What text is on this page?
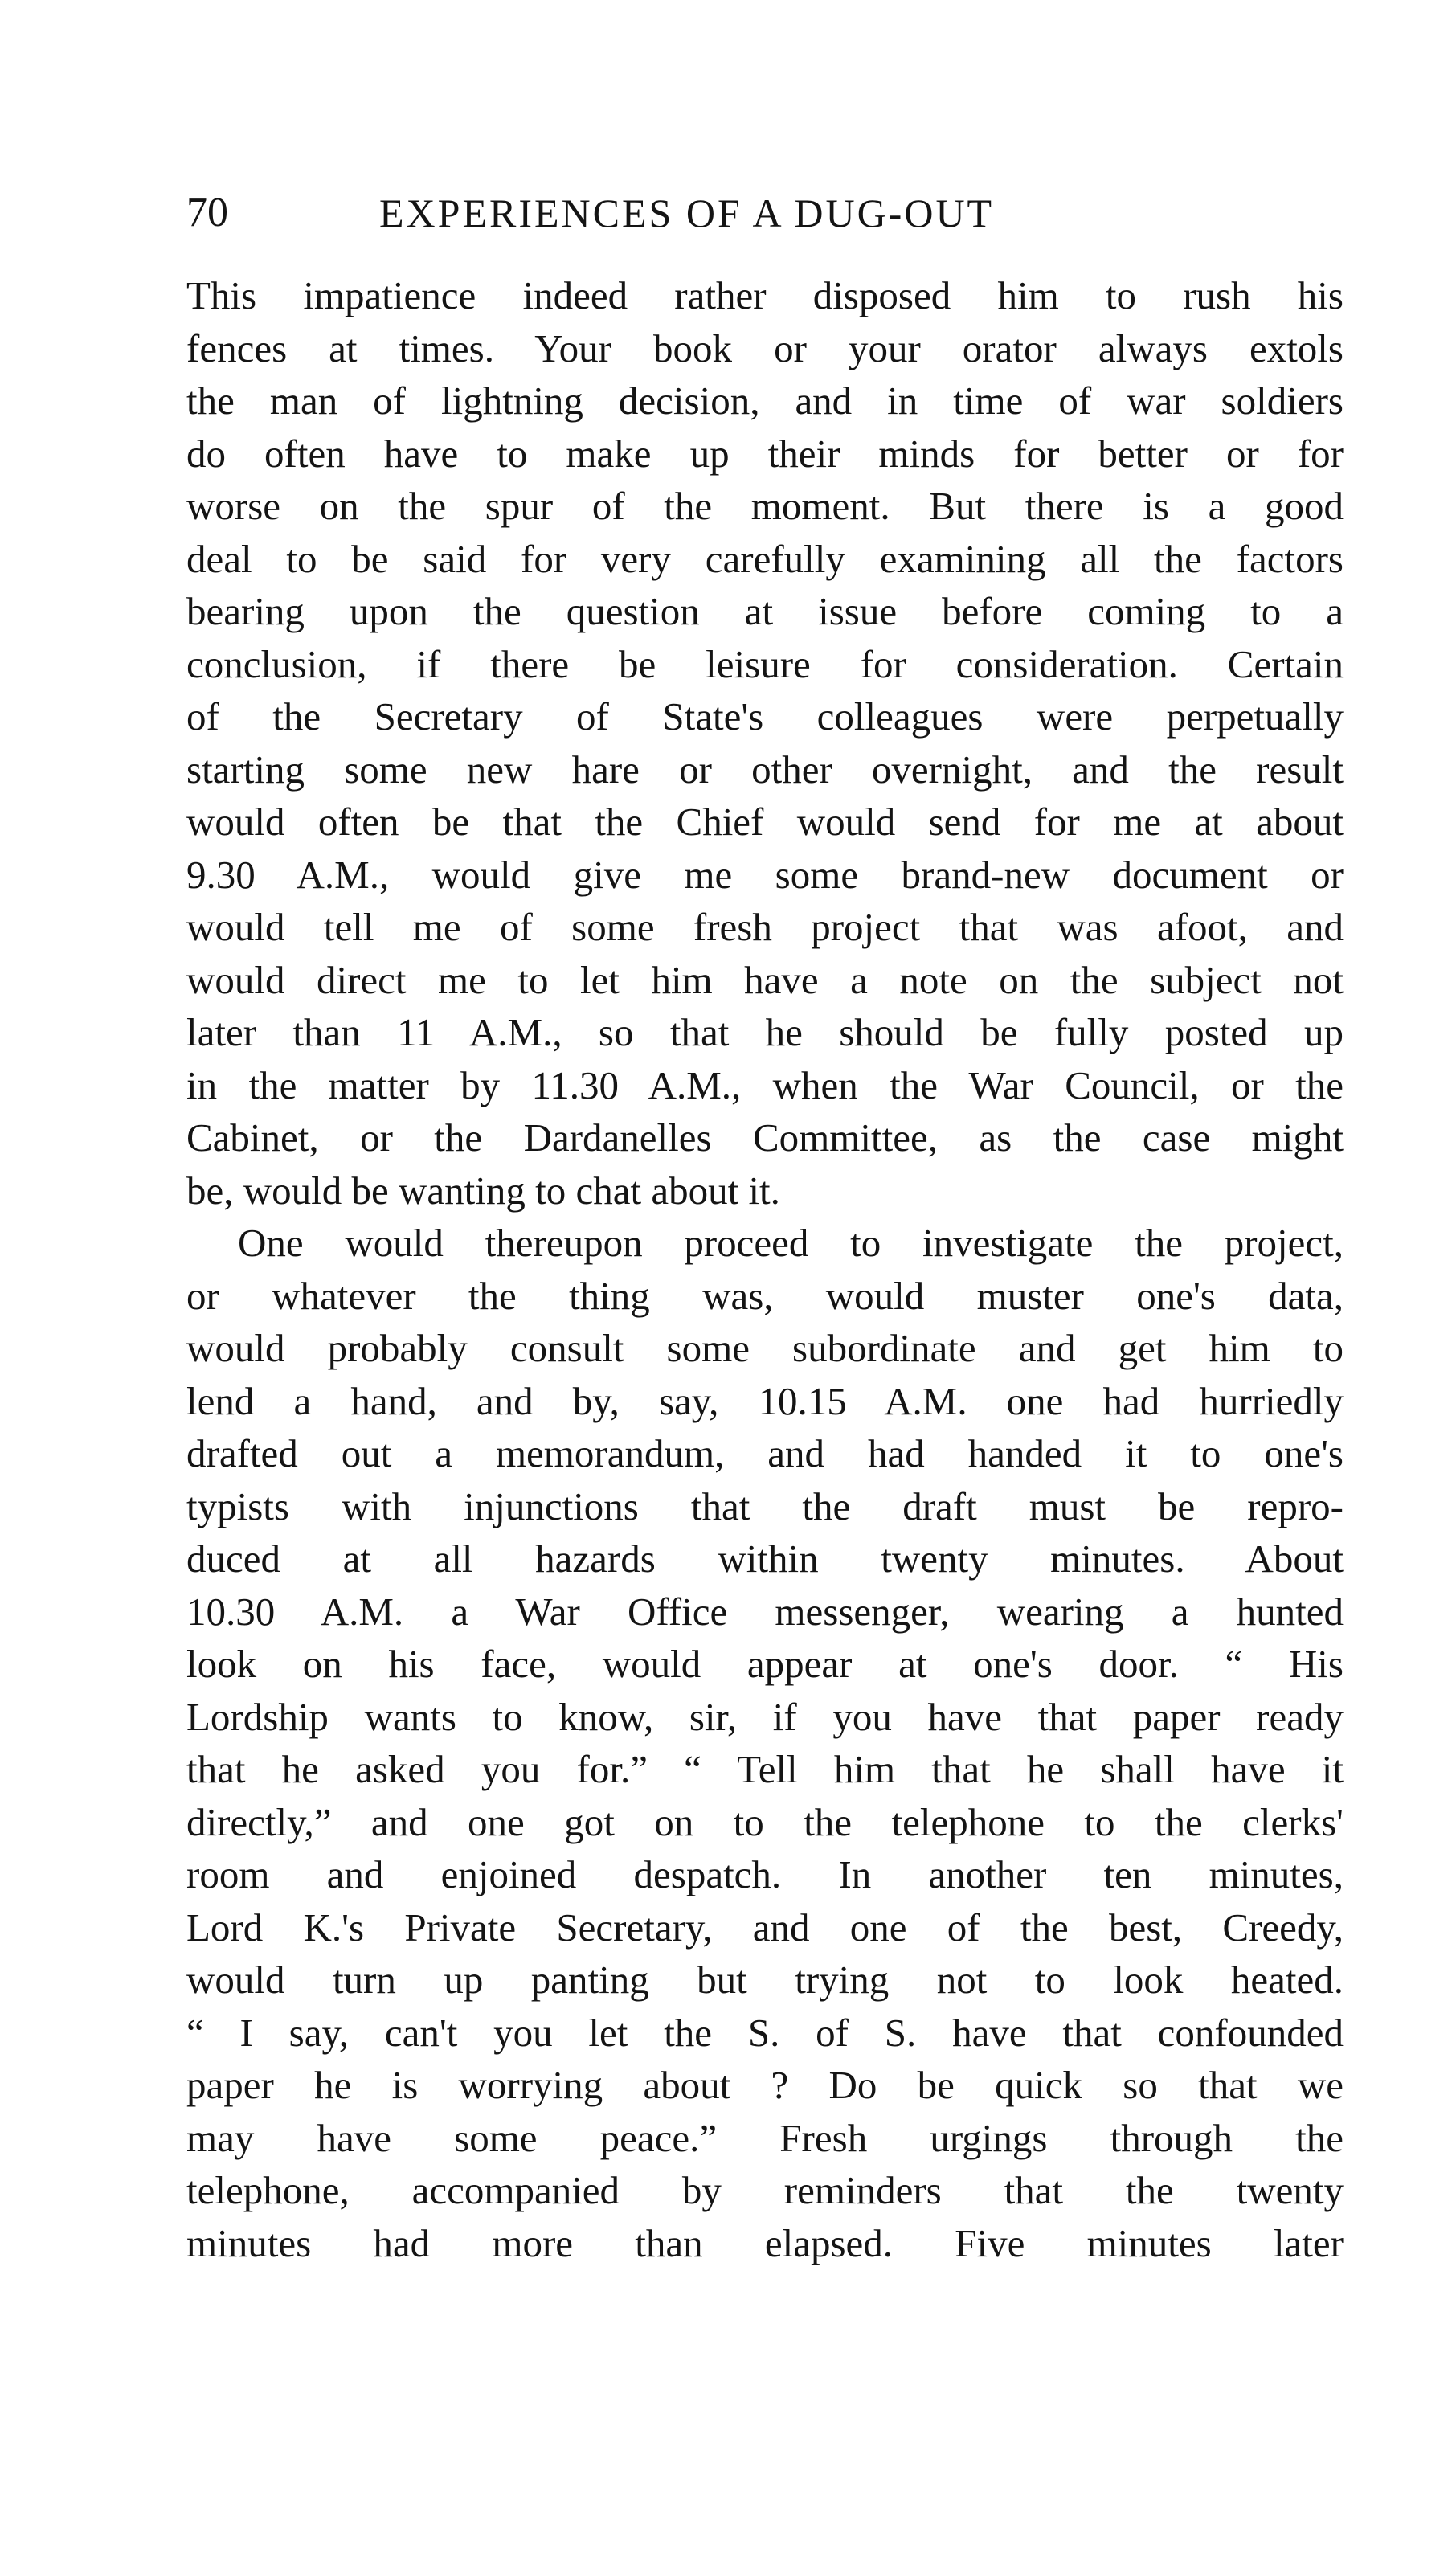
70	EXPERIENCES OF A DUG-OUT

This impatience indeed rather disposed him to rush his
fences at times. Your book or your orator always extols
the man of lightning decision, and in time of war soldiers
do often have to make up their minds for better or for
worse on the spur of the moment. But there is a good
deal to be said for very carefully examining all the factors
bearing upon the question at issue before coming to a
conclusion, if there be leisure for consideration. Certain
of the Secretary of State's colleagues were perpetually
starting some new hare or other overnight, and the result
would often be that the Chief would send for me at about
9.30 A.M., would give me some brand-new document or
would tell me of some fresh project that was afoot, and
would direct me to let him have a note on the subject not
later than 11 A.M., so that he should be fully posted up
in the matter by 11.30 A.M., when the War Council, or the
Cabinet, or the Dardanelles Committee, as the case might
be, would be wanting to chat about it.

One would thereupon proceed to investigate the project,
or whatever the thing was, would muster one's data,
would probably consult some subordinate and get him to
lend a hand, and by, say, 10.15 A.M. one had hurriedly
drafted out a memorandum, and had handed it to one's
typists with injunctions that the draft must be repro-
duced at all hazards within twenty minutes. About
10.30 A.M. a War Office messenger, wearing a hunted
look on his face, would appear at one's door. “ His
Lordship wants to know, sir, if you have that paper ready
that he asked you for.” “ Tell him that he shall have it
directly,” and one got on to the telephone to the clerks'
room and enjoined despatch. In another ten minutes,
Lord K.'s Private Secretary, and one of the best, Creedy,
would turn up panting but trying not to look heated.
“ I say, can't you let the S. of S. have that confounded
paper he is worrying about ? Do be quick so that we
may have some peace.” Fresh urgings through the
telephone, accompanied by reminders that the twenty
minutes had more than elapsed. Five minutes later
